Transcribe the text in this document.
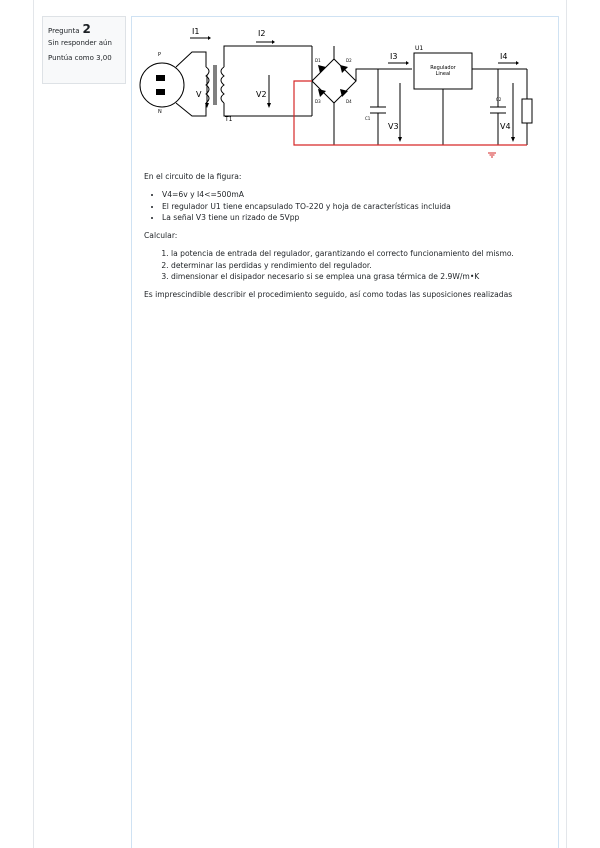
Pregunta 2
Sin responder aún
Puntúa como 3,00
I1	I2
I3	I4
V	V2
V3	V4
T1
U1
P
N
C1
C2
D1	D2
D3	D4
Regulador
Lineal

En el circuito de la figura:

• V4=6v y I4<=500mA
• El regulador U1 tiene encapsulado TO-220 y hoja de características incluida
• La señal V3 tiene un rizado de 5Vpp

Calcular:

1. la potencia de entrada del regulador, garantizando el correcto funcionamiento del mismo.
2. determinar las perdidas y rendimiento del regulador.
3. dimensionar el disipador necesario si se emplea una grasa térmica de 2.9W/m•K

Es imprescindible describir el procedimiento seguido, así como todas las suposiciones realizadas
